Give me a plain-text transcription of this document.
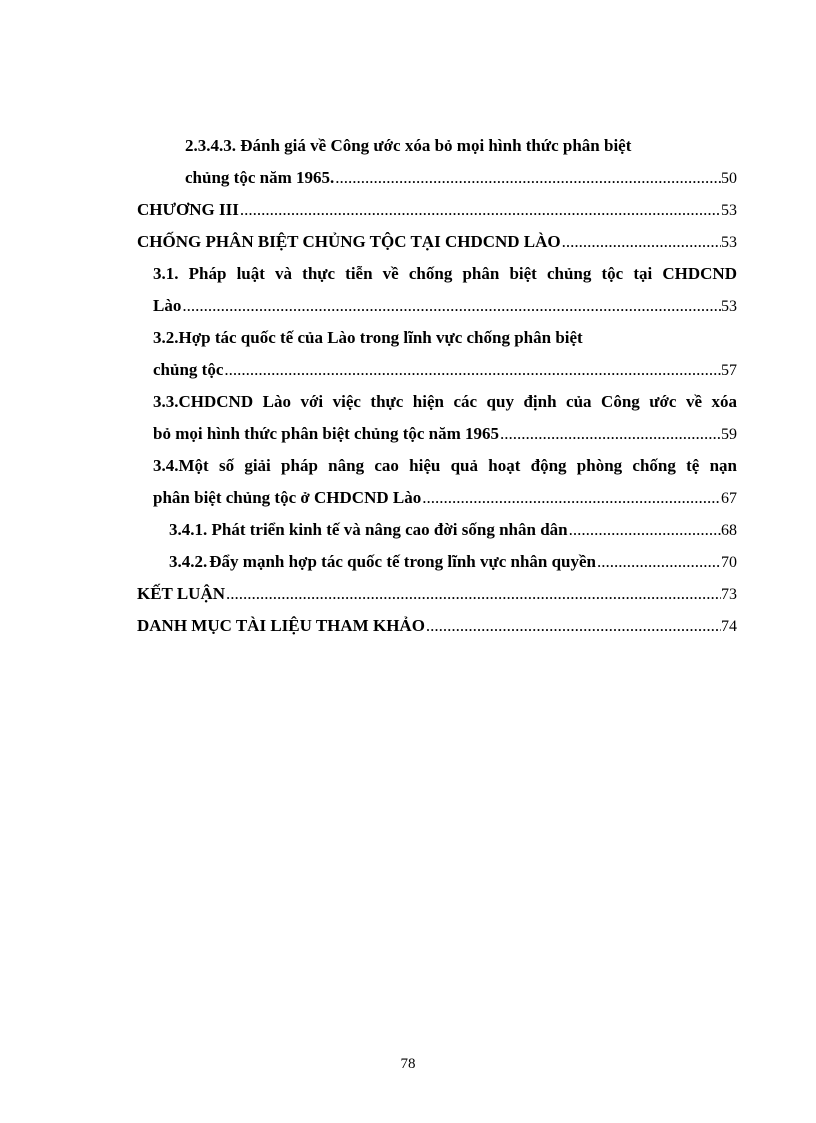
2.3.4.3. Đánh giá về Công ước xóa bỏ mọi hình thức phân biệt
chủng tộc năm 1965. .....	50
CHƯƠNG III .....	53
CHỐNG PHÂN BIỆT CHỦNG TỘC TẠI CHDCND LÀO .....	53
3.1. Pháp luật và thực tiễn về chống phân biệt chủng tộc tại CHDCND
Lào .....	53
3.2.Hợp tác quốc tế của Lào trong lĩnh vực chống phân biệt
chủng tộc .....	57
3.3.CHDCND Lào với việc thực hiện các quy định của Công ước về xóa
bỏ mọi hình thức phân biệt chủng tộc năm 1965 .....	59
3.4.Một số giải pháp nâng cao hiệu quả hoạt động phòng chống tệ nạn
phân biệt chủng tộc ở CHDCND Lào .....	67
3.4.1. Phát triển kinh tế và nâng cao đời sống nhân dân .....	68
3.4.2. Đẩy mạnh hợp tác quốc tế trong lĩnh vực nhân quyền .....	70
KẾT LUẬN .....	73
DANH MỤC TÀI LIỆU THAM KHẢO .....	74
78
